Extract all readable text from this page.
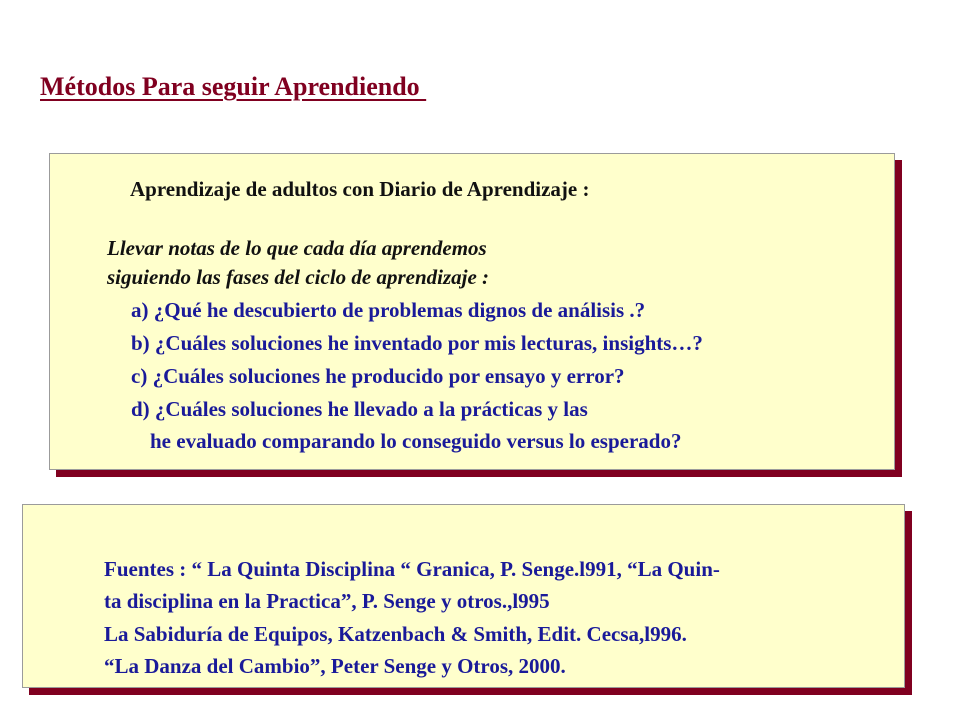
Métodos Para seguir Aprendiendo
Aprendizaje de adultos con Diario de Aprendizaje :
Llevar notas de lo que cada día aprendemos
siguiendo las fases del ciclo de aprendizaje :
a) ¿Qué he descubierto de problemas dignos de análisis .?
b) ¿Cuáles soluciones he inventado por mis lecturas, insights…?
c) ¿Cuáles soluciones he producido por ensayo y error?
d) ¿Cuáles soluciones he llevado a la prácticas y las
he evaluado comparando lo conseguido versus lo esperado?
Fuentes : “ La Quinta Disciplina “ Granica, P. Senge.l991, “La Quin-
ta disciplina en la Practica”, P. Senge y otros.,l995
La Sabiduría de Equipos, Katzenbach & Smith, Edit. Cecsa,l996.
“La Danza del Cambio”, Peter Senge y Otros, 2000.
